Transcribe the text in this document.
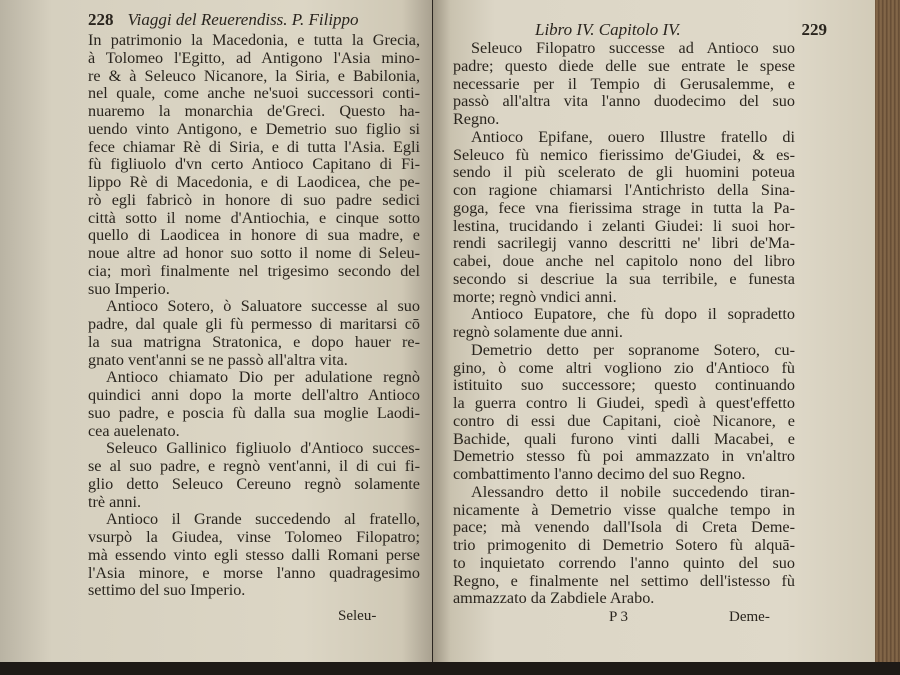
228 Viaggi del Reuerendiss. P. Filippo
In patrimonio la Macedonia, e tutta la Grecia,
à Tolomeo l'Egitto, ad Antigono l'Asia mino-
re & à Seleuco Nicanore, la Siria, e Babilonia,
nel quale, come anche ne'suoi successori conti-
nuaremo la monarchia de'Greci. Questo ha-
uendo vinto Antigono, e Demetrio suo figlio si
fece chiamar Rè di Siria, e di tutta l'Asia. Egli
fù figliuolo d'vn certo Antioco Capitano di Fi-
lippo Rè di Macedonia, e di Laodicea, che pe-
rò egli fabricò in honore di suo padre sedici
città sotto il nome d'Antiochia, e cinque sotto
quello di Laodicea in honore di sua madre, e
noue altre ad honor suo sotto il nome di Seleu-
cia; morì finalmente nel trigesimo secondo del
suo Imperio.
Antioco Sotero, ò Saluatore successe al suo
padre, dal quale gli fù permesso di maritarsi cō
la sua matrigna Stratonica, e dopo hauer re-
gnato vent'anni se ne passò all'altra vita.
Antioco chiamato Dio per adulatione regnò
quindici anni dopo la morte dell'altro Antioco
suo padre, e poscia fù dalla sua moglie Laodi-
cea auelenato.
Seleuco Gallinico figliuolo d'Antioco succes-
se al suo padre, e regnò vent'anni, il di cui fi-
glio detto Seleuco Cereuno regnò solamente
trè anni.
Antioco il Grande succedendo al fratello,
vsurpò la Giudea, vinse Tolomeo Filopatro;
mà essendo vinto egli stesso dalli Romani perse
l'Asia minore, e morse l'anno quadragesimo
settimo del suo Imperio.
Seleu-
Libro IV. Capitolo IV.	229
Seleuco Filopatro successe ad Antioco suo
padre; questo diede delle sue entrate le spese
necessarie per il Tempio di Gerusalemme, e
passò all'altra vita l'anno duodecimo del suo
Regno.
Antioco Epifane, ouero Illustre fratello di
Seleuco fù nemico fierissimo de'Giudei, & es-
sendo il più scelerato de gli huomini poteua
con ragione chiamarsi l'Antichristo della Sina-
goga, fece vna fierissima strage in tutta la Pa-
lestina, trucidando i zelanti Giudei: li suoi hor-
rendi sacrilegij vanno descritti ne' libri de'Ma-
cabei, doue anche nel capitolo nono del libro
secondo si descriue la sua terribile, e funesta
morte; regnò vndici anni.
Antioco Eupatore, che fù dopo il sopradetto
regnò solamente due anni.
Demetrio detto per sopranome Sotero, cu-
gino, ò come altri vogliono zio d'Antioco fù
istituito suo successore; questo continuando
la guerra contro li Giudei, spedì à quest'effetto
contro di essi due Capitani, cioè Nicanore, e
Bachide, quali furono vinti dalli Macabei, e
Demetrio stesso fù poi ammazzato in vn'altro
combattimento l'anno decimo del suo Regno.
Alessandro detto il nobile succedendo tiran-
nicamente à Demetrio visse qualche tempo in
pace; mà venendo dall'Isola di Creta Deme-
trio primogenito di Demetrio Sotero fù alquā-
to inquietato correndo l'anno quinto del suo
Regno, e finalmente nel settimo dell'istesso fù
ammazzato da Zabdiele Arabo.
P 3	Deme-
